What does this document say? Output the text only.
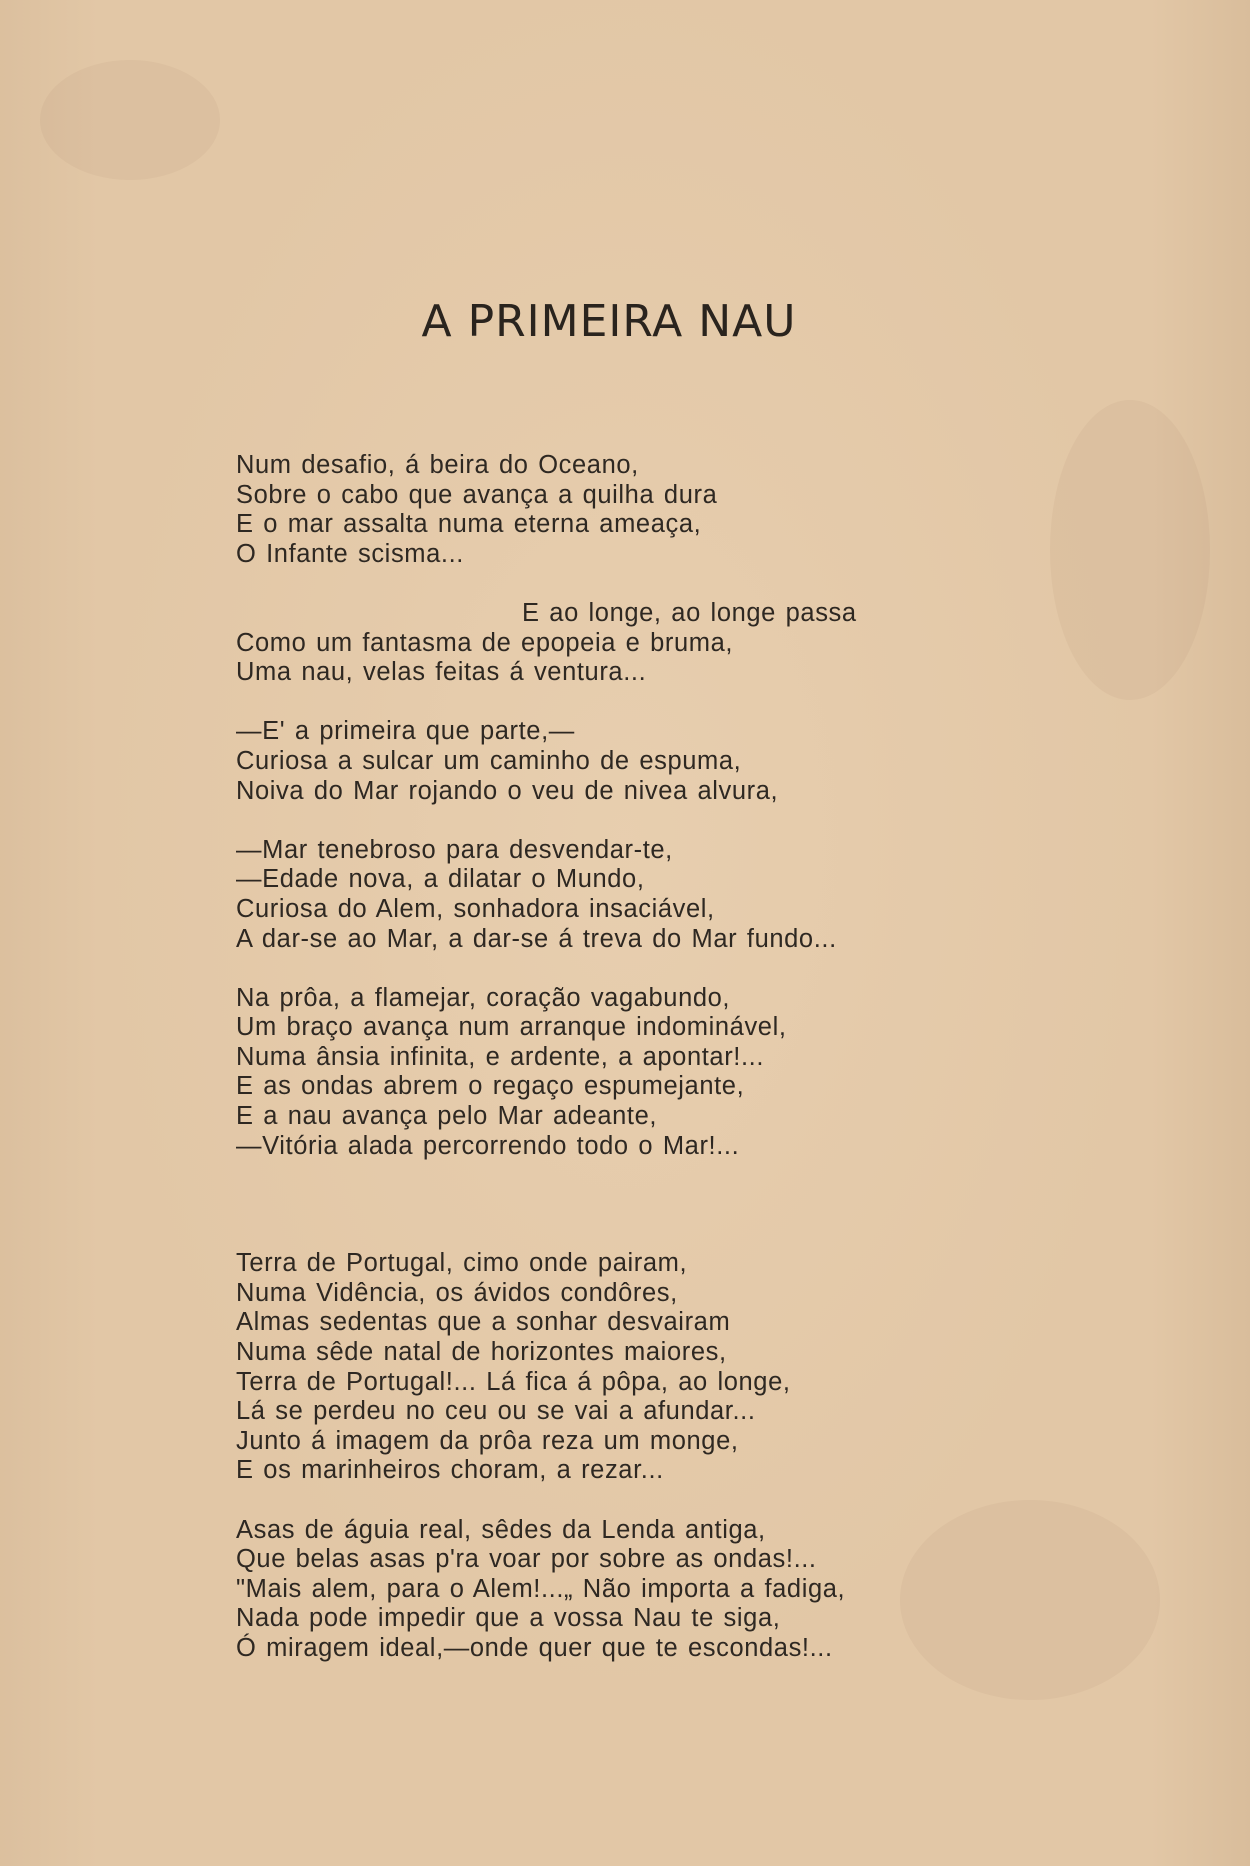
A PRIMEIRA NAU
Num desafio, á beira do Oceano,
Sobre o cabo que avança a quilha dura
E o mar assalta numa eterna ameaça,
O Infante scisma...
E ao longe, ao longe passa
Como um fantasma de epopeia e bruma,
Uma nau, velas feitas á ventura...
—E' a primeira que parte,—
Curiosa a sulcar um caminho de espuma,
Noiva do Mar rojando o veu de nivea alvura,
—Mar tenebroso para desvendar-te,
—Edade nova, a dilatar o Mundo,
Curiosa do Alem, sonhadora insaciável,
A dar-se ao Mar, a dar-se á treva do Mar fundo...
Na prôa, a flamejar, coração vagabundo,
Um braço avança num arranque indominável,
Numa ânsia infinita, e ardente, a apontar!...
E as ondas abrem o regaço espumejante,
E a nau avança pelo Mar adeante,
—Vitória alada percorrendo todo o Mar!...
Terra de Portugal, cimo onde pairam,
Numa Vidência, os ávidos condôres,
Almas sedentas que a sonhar desvairam
Numa sêde natal de horizontes maiores,
Terra de Portugal!... Lá fica á pôpa, ao longe,
Lá se perdeu no ceu ou se vai a afundar...
Junto á imagem da prôa reza um monge,
E os marinheiros choram, a rezar...
Asas de águia real, sêdes da Lenda antiga,
Que belas asas p'ra voar por sobre as ondas!...
"Mais alem, para o Alem!...„ Não importa a fadiga,
Nada pode impedir que a vossa Nau te siga,
Ó miragem ideal,—onde quer que te escondas!...
